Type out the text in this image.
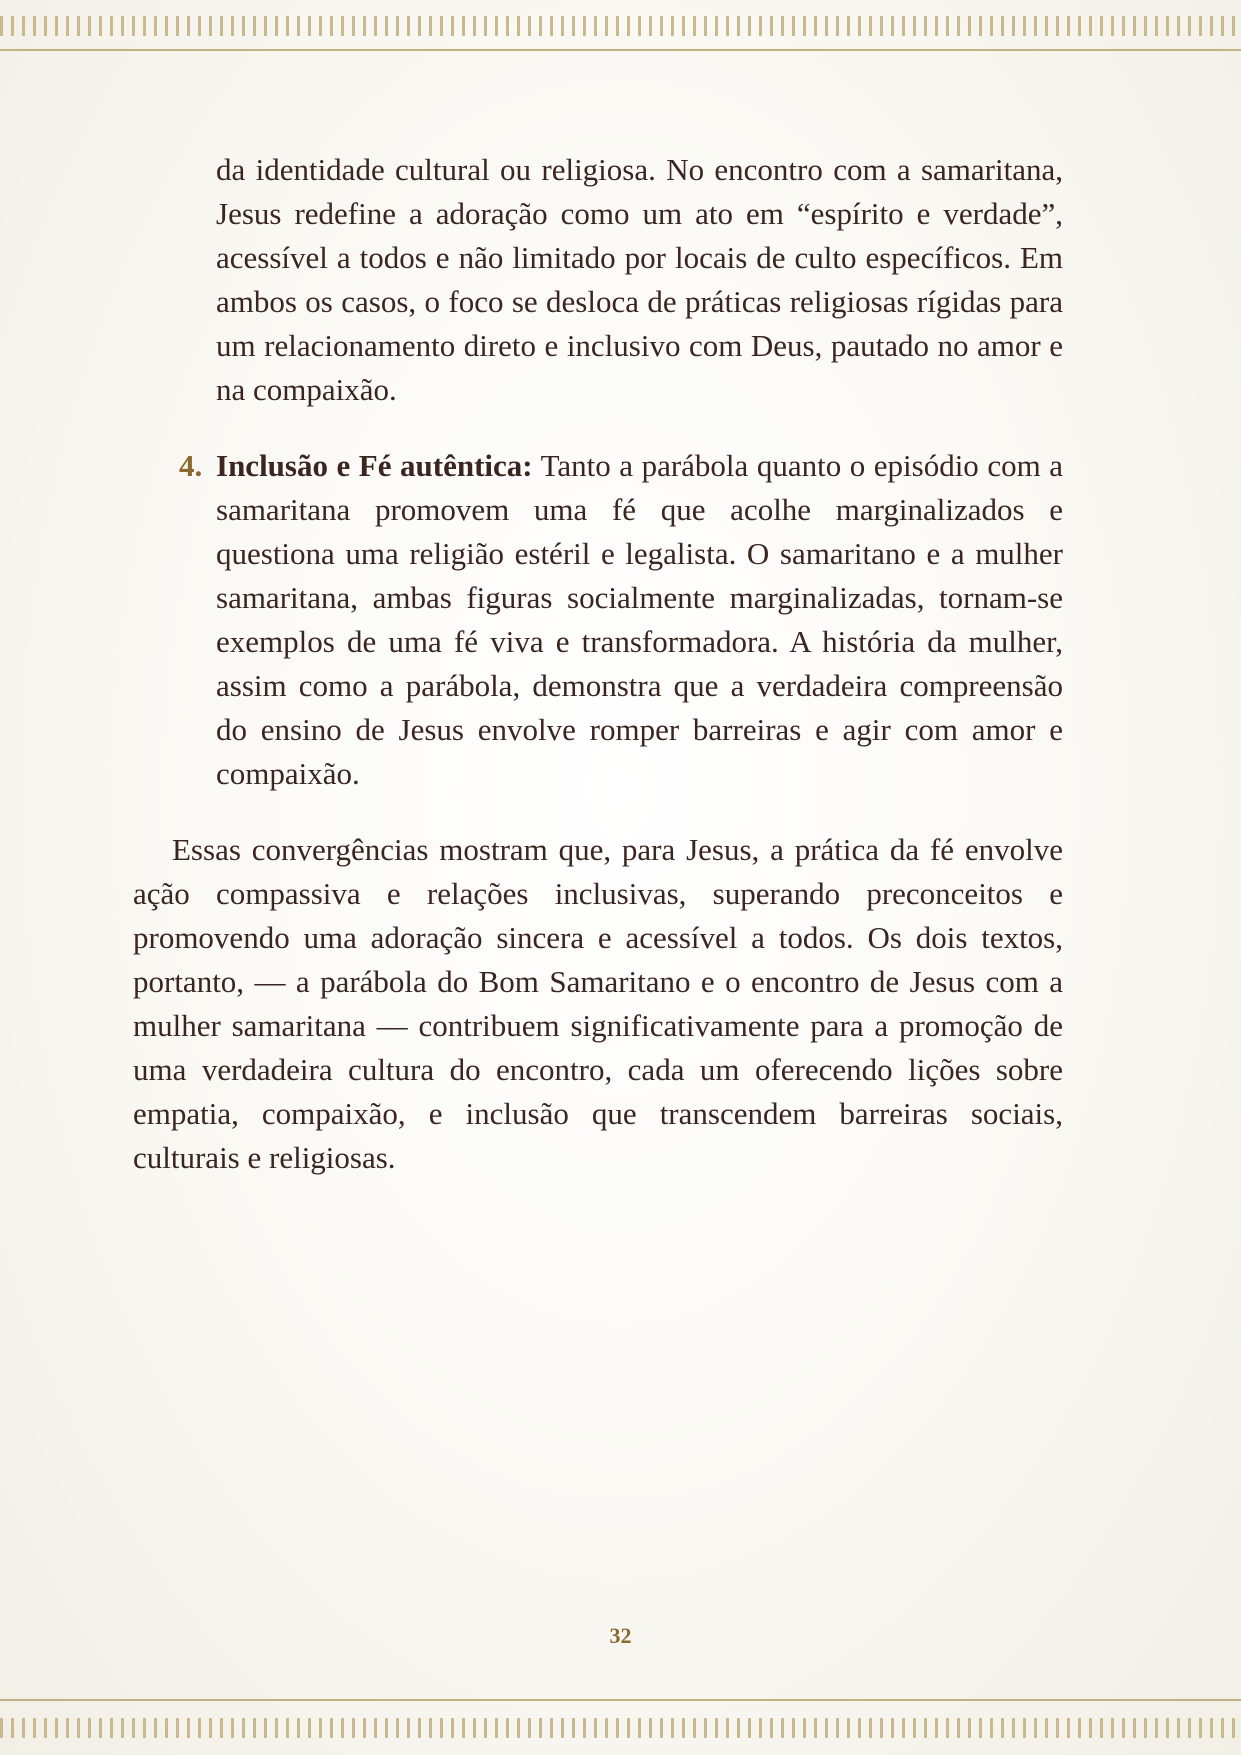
da identidade cultural ou religiosa. No encontro com a samaritana, Jesus redefine a adoração como um ato em “espírito e verdade”, acessível a todos e não limitado por locais de culto específicos. Em ambos os casos, o foco se desloca de práticas religiosas rígidas para um relacionamento direto e inclusivo com Deus, pautado no amor e na compaixão.

4. Inclusão e Fé autêntica: Tanto a parábola quanto o episódio com a samaritana promovem uma fé que acolhe marginalizados e questiona uma religião estéril e legalista. O samaritano e a mulher samaritana, ambas figuras socialmente marginalizadas, tornam-se exemplos de uma fé viva e transformadora. A história da mulher, assim como a parábola, demonstra que a verdadeira compreensão do ensino de Jesus envolve romper barreiras e agir com amor e compaixão.

Essas convergências mostram que, para Jesus, a prática da fé envolve ação compassiva e relações inclusivas, superando preconceitos e promovendo uma adoração sincera e acessível a todos. Os dois textos, portanto, — a parábola do Bom Samaritano e o encontro de Jesus com a mulher samaritana — contribuem significativamente para a promoção de uma verdadeira cultura do encontro, cada um oferecendo lições sobre empatia, compaixão, e inclusão que transcendem barreiras sociais, culturais e religiosas.

32
